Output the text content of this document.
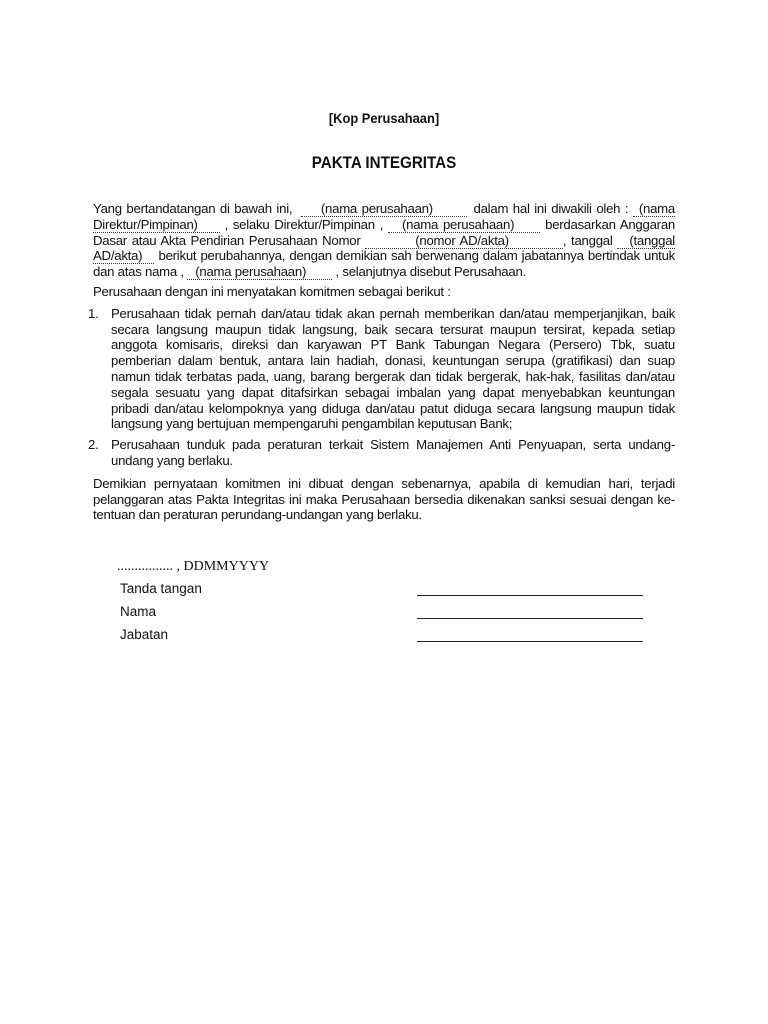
[Kop Perusahaan]
PAKTA INTEGRITAS

Yang bertandatangan di bawah ini, (nama perusahaan)	dalam hal ini diwakili oleh : (nama Direktur/Pimpinan) , selaku Direktur/Pimpinan , (nama perusahaan) berdasarkan Anggaran Dasar atau Akta Pendirian Perusahaan Nomor	(nomor AD/akta)	, tanggal (tanggal AD/akta) berikut perubahannya, dengan demikian sah berwenang dalam jabatannya bertindak untuk dan atas nama , (nama perusahaan) , selanjutnya disebut Perusahaan.

Perusahaan dengan ini menyatakan komitmen sebagai berikut :

1. Perusahaan tidak pernah dan/atau tidak akan pernah memberikan dan/atau memperjanjikan, baik secara langsung maupun tidak langsung, baik secara tersurat maupun tersirat, kepada setiap anggota komisaris, direksi dan karyawan PT Bank Tabungan Negara (Persero) Tbk, suatu pemberian dalam bentuk, antara lain hadiah, donasi, keuntungan serupa (gratifikasi) dan suap namun tidak terbatas pada, uang, barang bergerak dan tidak bergerak, hak-hak, fasilitas dan/atau segala sesuatu yang dapat ditafsirkan sebagai imbalan yang dapat menyebabkan keuntungan pribadi dan/atau kelompoknya yang diduga dan/atau patut diduga secara langsung maupun tidak langsung yang bertujuan mempengaruhi pengambilan keputusan Bank;
2. Perusahaan tunduk pada peraturan terkait Sistem Manajemen Anti Penyuapan, serta undang-undang yang berlaku.

Demikian pernyataan komitmen ini dibuat dengan sebenarnya, apabila di kemudian hari, terjadi pelanggaran atas Pakta Integritas ini maka Perusahaan bersedia dikenakan sanksi sesuai dengan ke-tentuan dan peraturan perundang-undangan yang berlaku.

................ , DDMMYYYY
Tanda tangan
Nama
Jabatan
